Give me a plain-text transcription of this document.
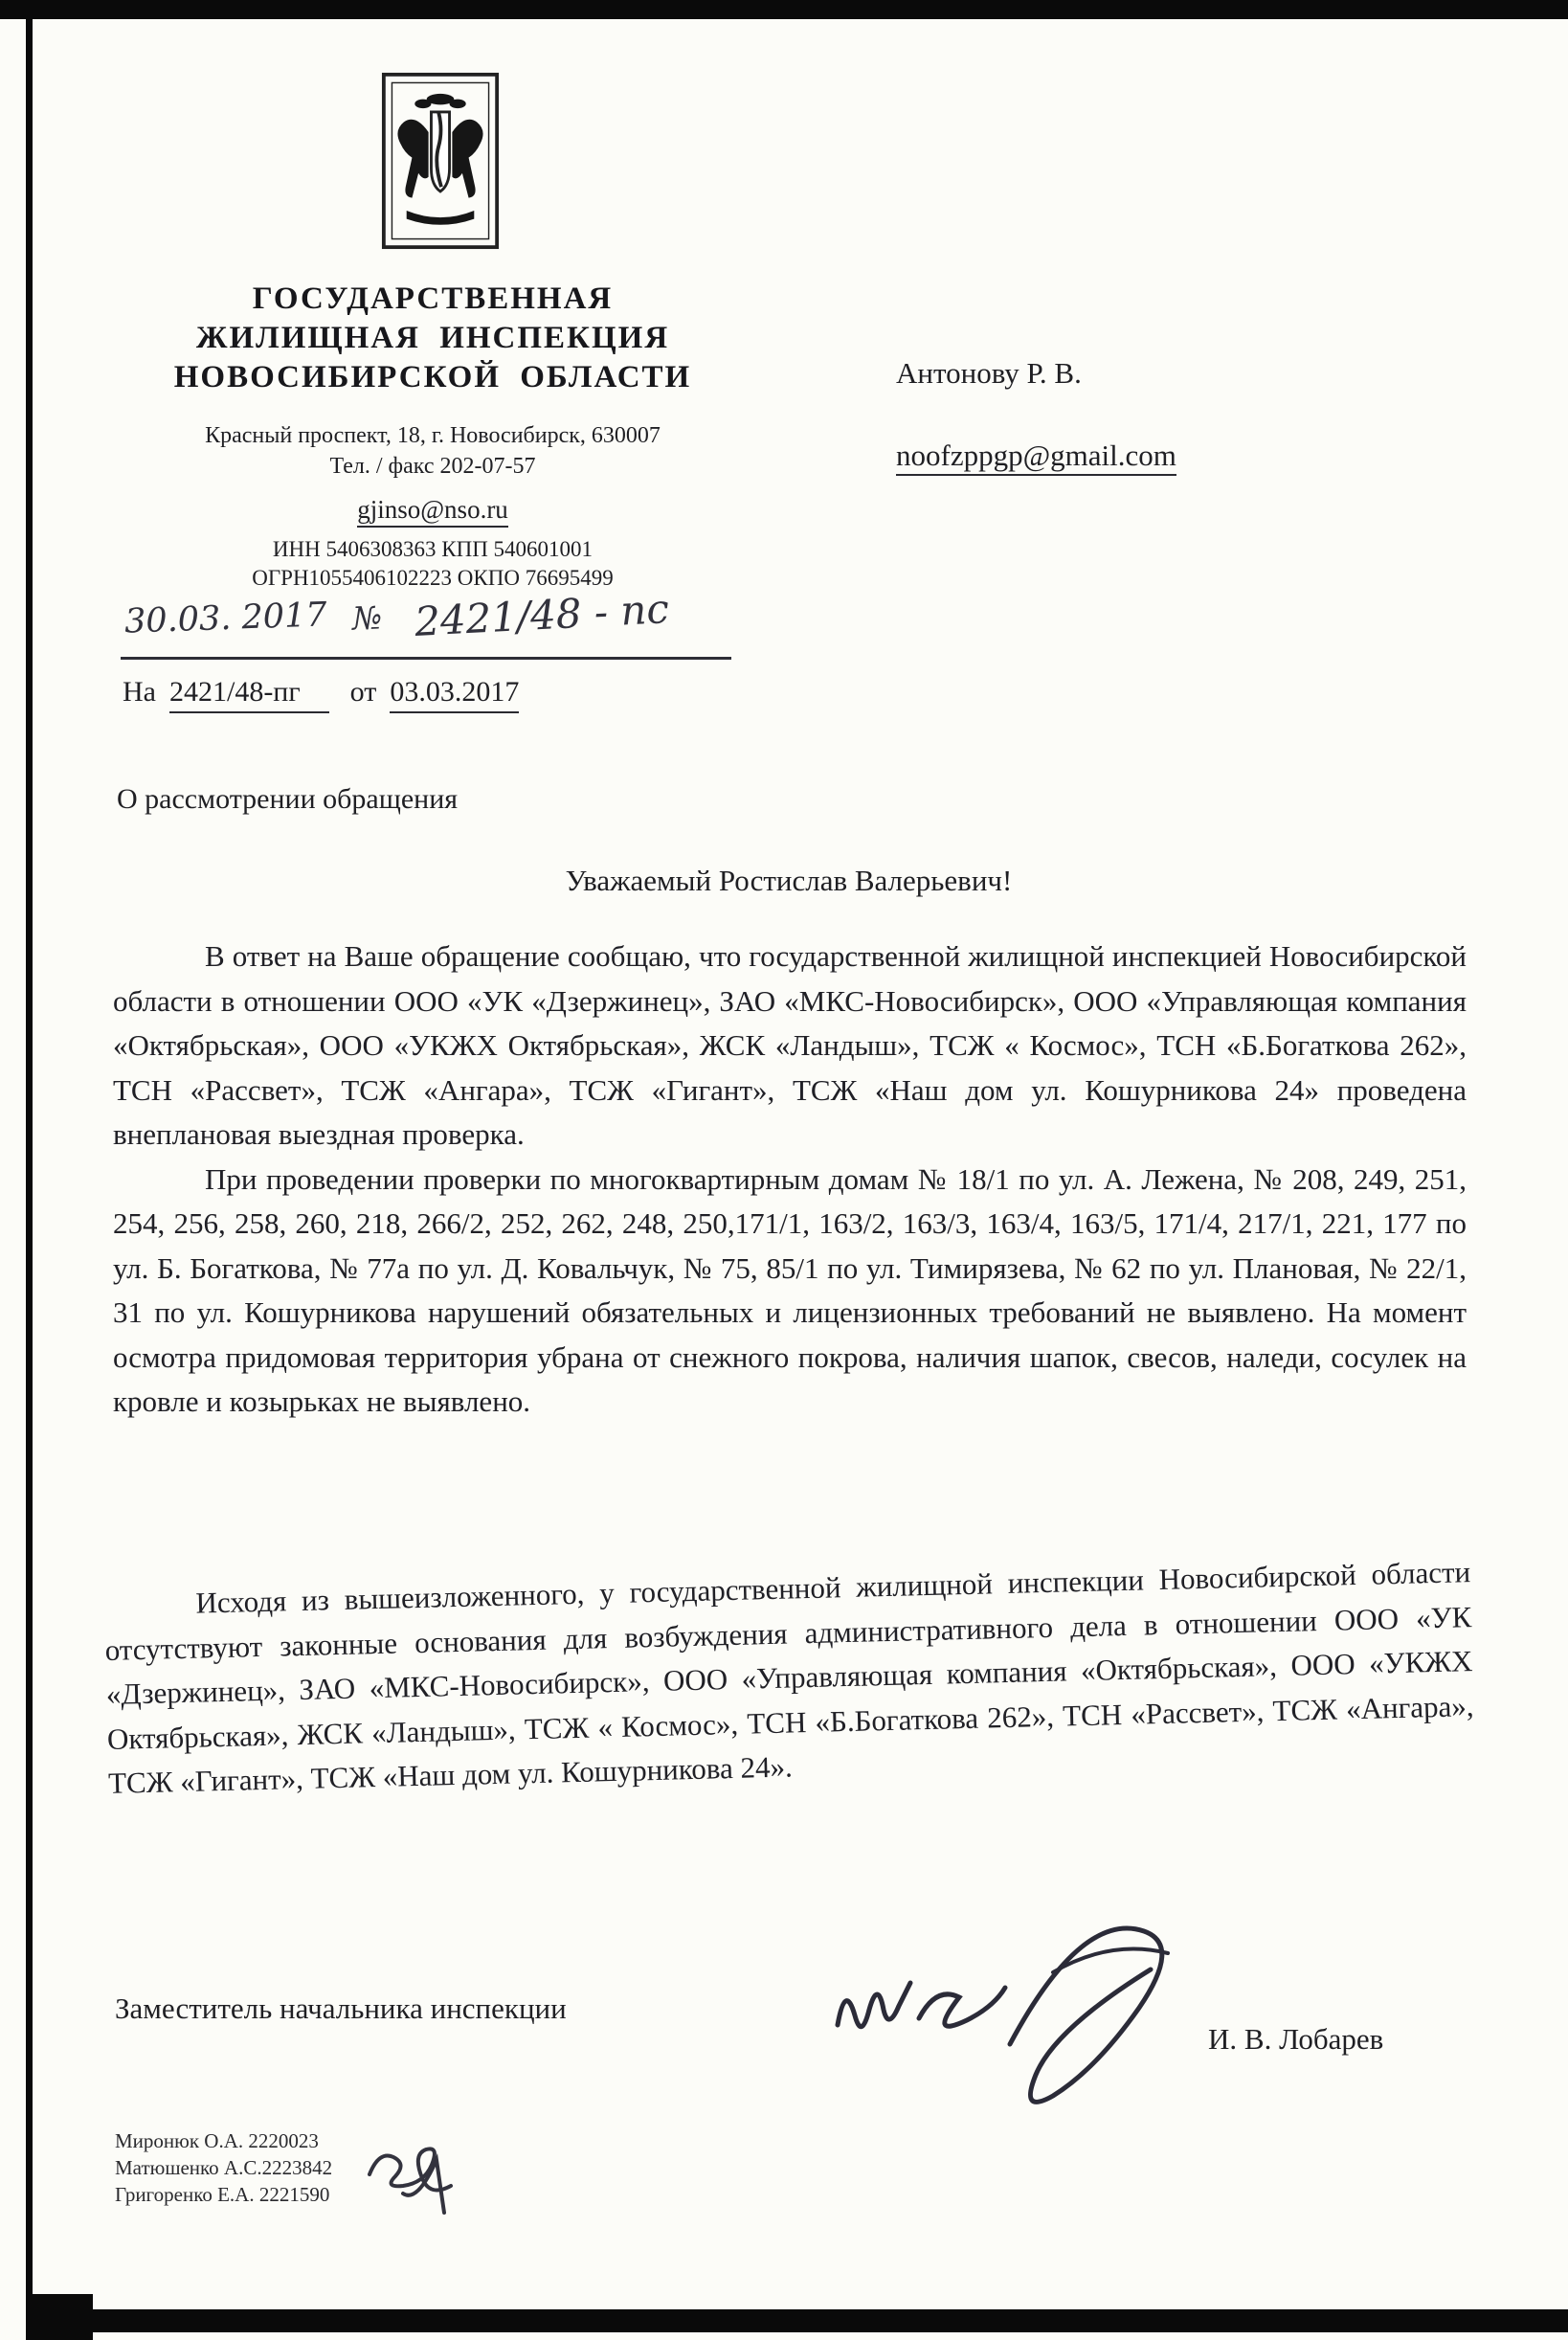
ГОСУДАРСТВЕННАЯ
ЖИЛИЩНАЯ ИНСПЕКЦИЯ
НОВОСИБИРСКОЙ ОБЛАСТИ
Красный проспект, 18, г. Новосибирск, 630007
Тел. / факс 202-07-57
gjinso@nso.ru
ИНН 5406308363 КПП 540601001
ОГРН1055406102223 ОКПО 76695499
30.03. 2017 № 2421/48 - пс
На 2421/48-пг от 03.03.2017
Антонову Р. В.
noofzppgp@gmail.com
О рассмотрении обращения
Уважаемый Ростислав Валерьевич!

В ответ на Ваше обращение сообщаю, что государственной жилищной инспекцией Новосибирской области в отношении ООО «УК «Дзержинец», ЗАО «МКС-Новосибирск», ООО «Управляющая компания «Октябрьская», ООО «УКЖХ Октябрьская», ЖСК «Ландыш», ТСЖ « Космос», ТСН «Б.Богаткова 262», ТСН «Рассвет», ТСЖ «Ангара», ТСЖ «Гигант», ТСЖ «Наш дом ул. Кошурникова 24» проведена внеплановая выездная проверка.

При проведении проверки по многоквартирным домам № 18/1 по ул. А. Лежена, № 208, 249, 251, 254, 256, 258, 260, 218, 266/2, 252, 262, 248, 250,171/1, 163/2, 163/3, 163/4, 163/5, 171/4, 217/1, 221, 177 по ул. Б. Богаткова, № 77а по ул. Д. Ковальчук, № 75, 85/1 по ул. Тимирязева, № 62 по ул. Плановая, № 22/1, 31 по ул. Кошурникова нарушений обязательных и лицензионных требований не выявлено. На момент осмотра придомовая территория убрана от снежного покрова, наличия шапок, свесов, наледи, сосулек на кровле и козырьках не выявлено.

Исходя из вышеизложенного, у государственной жилищной инспекции Новосибирской области отсутствуют законные основания для возбуждения административного дела в отношении ООО «УК «Дзержинец», ЗАО «МКС-Новосибирск», ООО «Управляющая компания «Октябрьская», ООО «УКЖХ Октябрьская», ЖСК «Ландыш», ТСЖ « Космос», ТСН «Б.Богаткова 262», ТСН «Рассвет», ТСЖ «Ангара», ТСЖ «Гигант», ТСЖ «Наш дом ул. Кошурникова 24».

Заместитель начальника инспекции
И. В. Лобарев
Миронюк О.А. 2220023
Матюшенко А.С.2223842
Григоренко Е.А. 2221590
